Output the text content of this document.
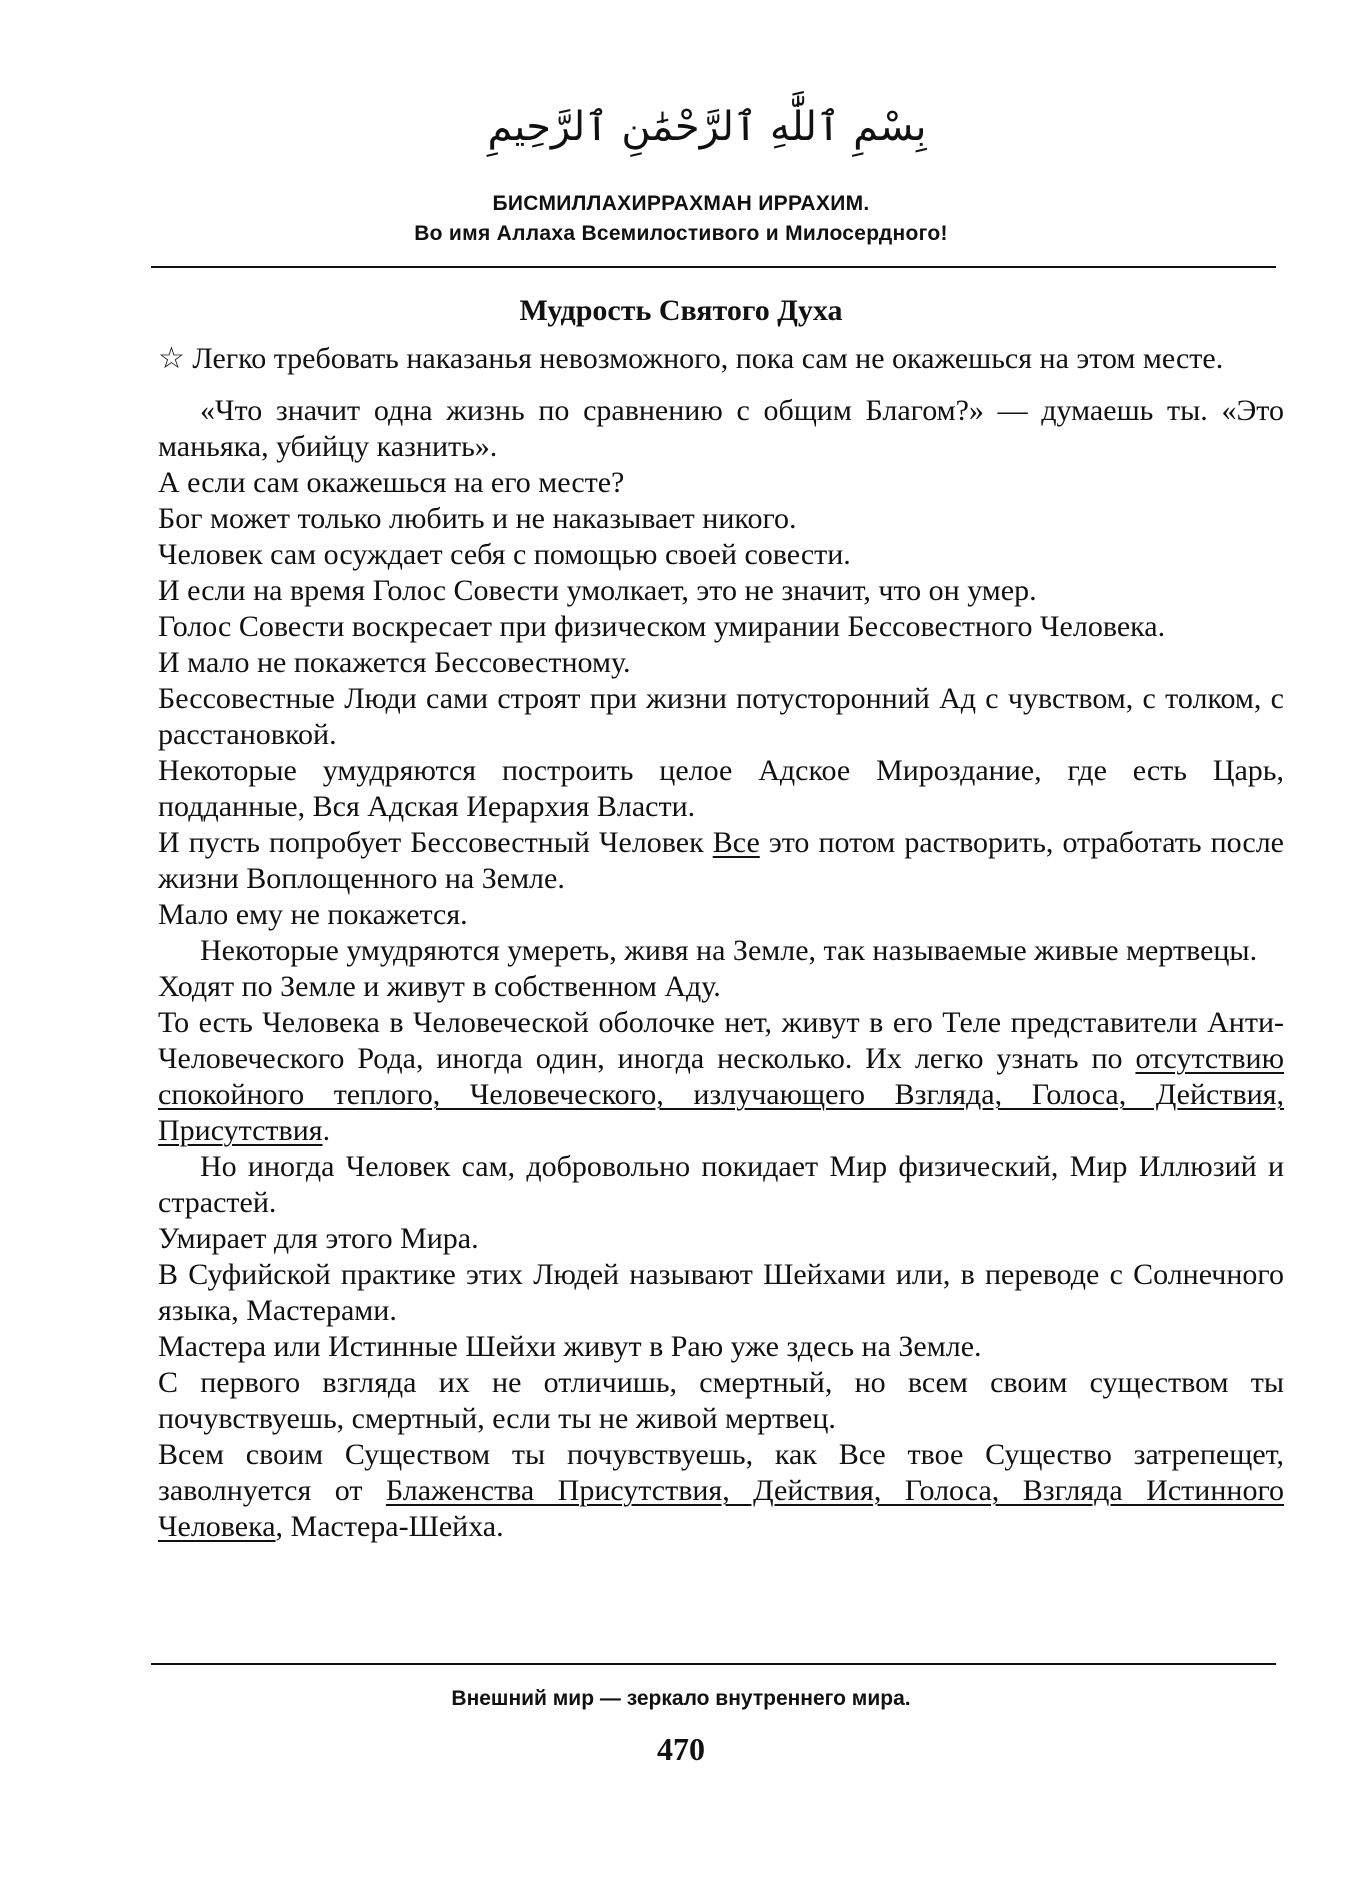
بِسْمِ ٱللَّٰهِ ٱلرَّحْمَٰنِ ٱلرَّحِيمِ
БИСМИЛЛАХИРРАХМАН ИРРАХИМ.
Во имя Аллаха Всемилостивого и Милосердного!
Мудрость Святого Духа

☆ Легко требовать наказанья невозможного, пока сам не окажешься на этом месте.

«Что значит одна жизнь по сравнению с общим Благом?» — думаешь ты. «Это маньяка, убийцу казнить».

А если сам окажешься на его месте?

Бог может только любить и не наказывает никого.

Человек сам осуждает себя с помощью своей совести.

И если на время Голос Совести умолкает, это не значит, что он умер.

Голос Совести воскресает при физическом умирании Бессовестного Человека.

И мало не покажется Бессовестному.

Бессовестные Люди сами строят при жизни потусторонний Ад с чувством, с толком, с расстановкой.

Некоторые умудряются построить целое Адское Мироздание, где есть Царь, подданные, Вся Адская Иерархия Власти.

И пусть попробует Бессовестный Человек Все это потом растворить, отработать после жизни Воплощенного на Земле.

Мало ему не покажется.

Некоторые умудряются умереть, живя на Земле, так называемые живые мертвецы.

Ходят по Земле и живут в собственном Аду.

То есть Человека в Человеческой оболочке нет, живут в его Теле представители Анти-Человеческого Рода, иногда один, иногда несколько. Их легко узнать по отсутствию спокойного теплого, Человеческого, излучающего Взгляда, Голоса, Действия, Присутствия.

Но иногда Человек сам, добровольно покидает Мир физический, Мир Иллюзий и страстей.

Умирает для этого Мира.

В Суфийской практике этих Людей называют Шейхами или, в переводе с Солнечного языка, Мастерами.

Мастера или Истинные Шейхи живут в Раю уже здесь на Земле.

С первого взгляда их не отличишь, смертный, но всем своим существом ты почувствуешь, смертный, если ты не живой мертвец.

Всем своим Существом ты почувствуешь, как Все твое Существо затрепещет, заволнуется от Блаженства Присутствия, Действия, Голоса, Взгляда Истинного Человека, Мастера-Шейха.

Внешний мир — зеркало внутреннего мира.
470
